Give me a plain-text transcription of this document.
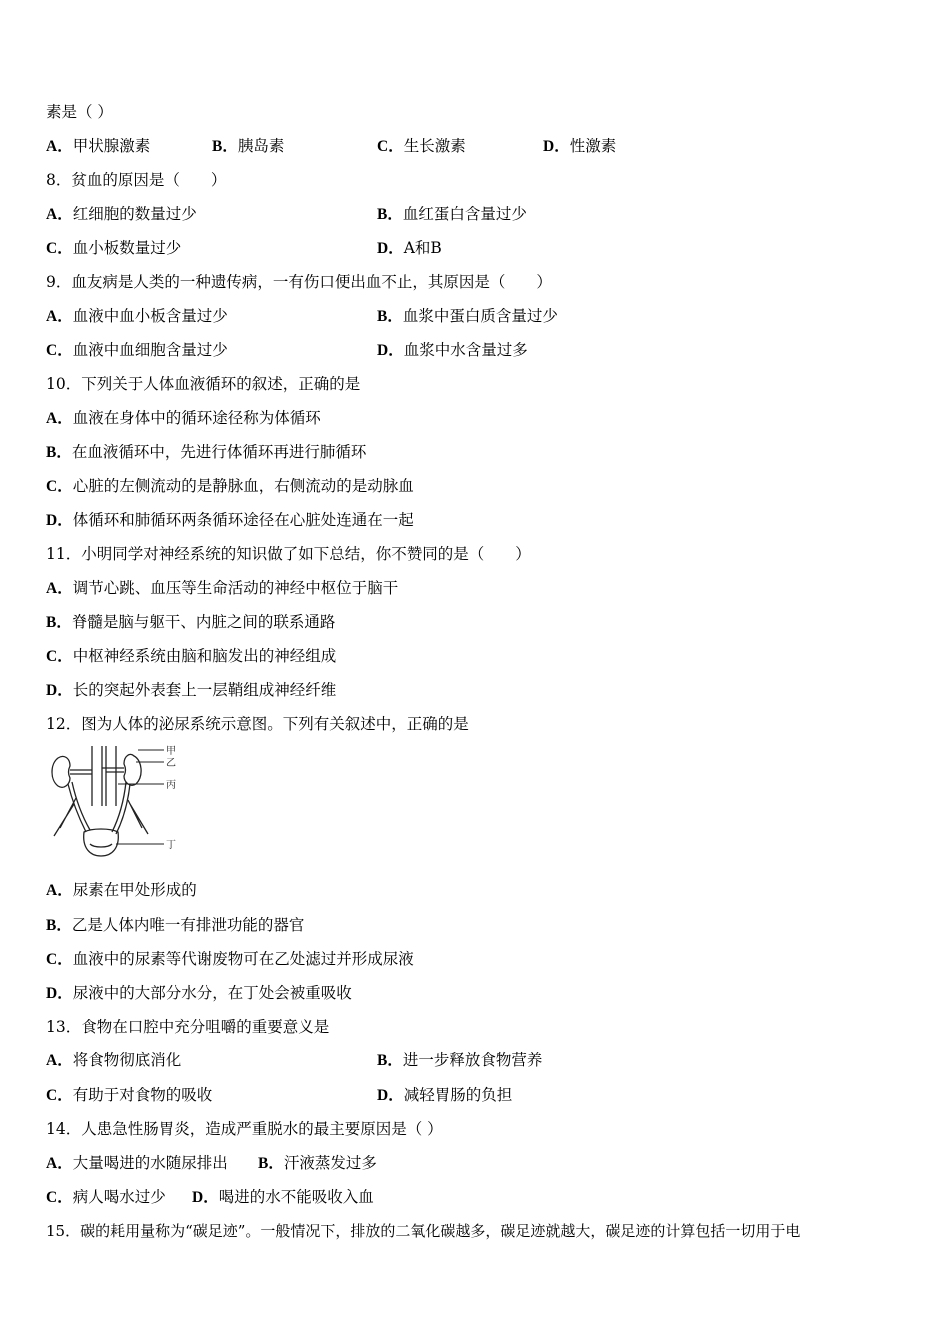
素是（ ）
A．甲状腺激素	B．胰岛素	C．生长激素	D．性激素
8．贫血的原因是（　　）
A．红细胞的数量过少	B．血红蛋白含量过少
C．血小板数量过少	D．A和B
9．血友病是人类的一种遗传病，一有伤口便出血不止，其原因是（　　）
A．血液中血小板含量过少	B．血浆中蛋白质含量过少
C．血液中血细胞含量过少	D．血浆中水含量过多
10．下列关于人体血液循环的叙述，正确的是
A．血液在身体中的循环途径称为体循环
B．在血液循环中，先进行体循环再进行肺循环
C．心脏的左侧流动的是静脉血，右侧流动的是动脉血
D．体循环和肺循环两条循环途径在心脏处连通在一起
11．小明同学对神经系统的知识做了如下总结，你不赞同的是（　　）
A．调节心跳、血压等生命活动的神经中枢位于脑干
B．脊髓是脑与躯干、内脏之间的联系通路
C．中枢神经系统由脑和脑发出的神经组成
D．长的突起外表套上一层鞘组成神经纤维
12．图为人体的泌尿系统示意图。下列有关叙述中，正确的是
甲
乙
丙
丁
A．尿素在甲处形成的
B．乙是人体内唯一有排泄功能的器官
C．血液中的尿素等代谢废物可在乙处滤过并形成尿液
D．尿液中的大部分水分，在丁处会被重吸收
13．食物在口腔中充分咀嚼的重要意义是
A．将食物彻底消化	B．进一步释放食物营养
C．有助于对食物的吸收	D．减轻胃肠的负担
14．人患急性肠胃炎，造成严重脱水的最主要原因是（ ）
A．大量喝进的水随尿排出 B．汗液蒸发过多
C．病人喝水过少 D．喝进的水不能吸收入血
15．碳的耗用量称为“碳足迹”。一般情况下，排放的二氧化碳越多，碳足迹就越大，碳足迹的计算包括一切用于电
